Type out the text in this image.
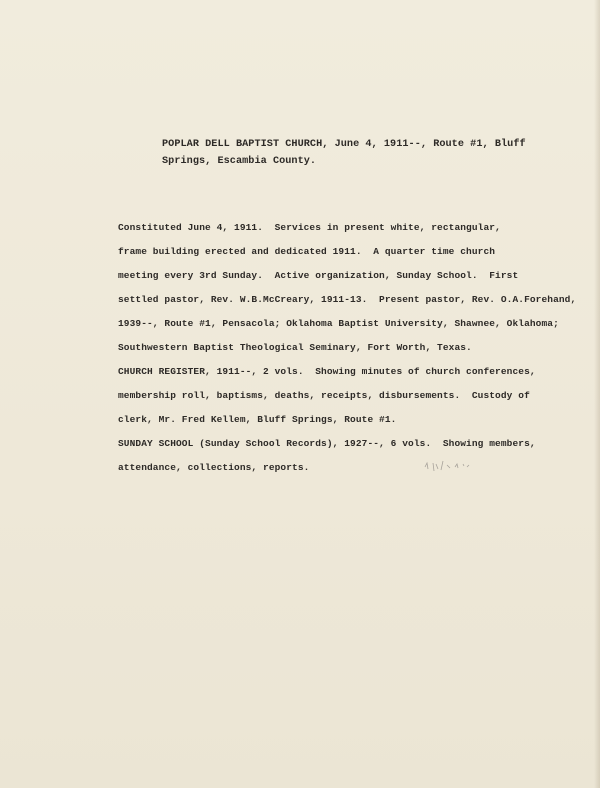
POPLAR DELL BAPTIST CHURCH, June 4, 1911--, Route #1, Bluff

Springs, Escambia County.

Constituted June 4, 1911.  Services in present white, rectangular,

frame building erected and dedicated 1911.  A quarter time church

meeting every 3rd Sunday.  Active organization, Sunday School.  First

settled pastor, Rev. W.B.McCreary, 1911-13.  Present pastor, Rev. O.A.Forehand,

1939--, Route #1, Pensacola; Oklahoma Baptist University, Shawnee, Oklahoma;

Southwestern Baptist Theological Seminary, Fort Worth, Texas.

CHURCH REGISTER, 1911--, 2 vols.  Showing minutes of church conferences,

membership roll, baptisms, deaths, receipts, disbursements.  Custody of

clerk, Mr. Fred Kellem, Bluff Springs, Route #1.

SUNDAY SCHOOL (Sunday School Records), 1927--, 6 vols.  Showing members,

attendance, collections, reports.
